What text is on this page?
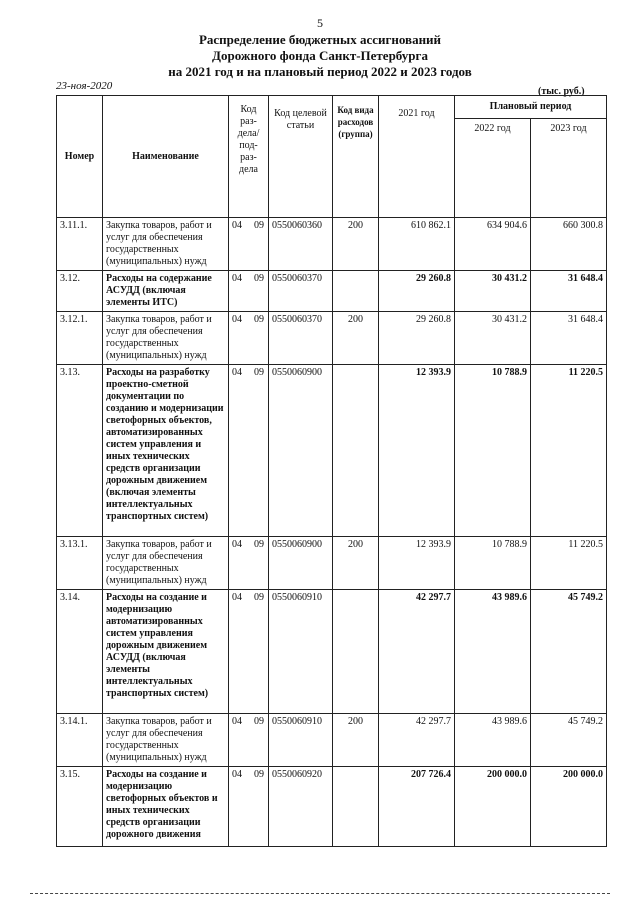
5
Распределение бюджетных ассигнований
Дорожного фонда Санкт-Петербурга
на 2021 год и на плановый период 2022 и 2023 годов
23-ноя-2020	(тыс. руб.)
Номер	Наименование	Код раз-дела/ под-раз-дела	Код целевой статьи	Код вида расходов (группа)	2021 год	Плановый период	
						2022 год	2023 год
3.11.1.	Закупка товаров, работ и услуг для обеспечения государственных (муниципальных) нужд	04 09	0550060360	200	610 862.1	634 904.6	660 300.8
3.12.	Расходы на содержание АСУДД (включая элементы ИТС)	04 09	0550060370		29 260.8	30 431.2	31 648.4
3.12.1.	Закупка товаров, работ и услуг для обеспечения государственных (муниципальных) нужд	04 09	0550060370	200	29 260.8	30 431.2	31 648.4
3.13.	Расходы на разработку проектно-сметной документации по созданию и модернизации светофорных объектов, автоматизированных систем управления и иных технических средств организации дорожным движением (включая элементы интеллектуальных транспортных систем)	04 09	0550060900		12 393.9	10 788.9	11 220.5
3.13.1.	Закупка товаров, работ и услуг для обеспечения государственных (муниципальных) нужд	04 09	0550060900	200	12 393.9	10 788.9	11 220.5
3.14.	Расходы на создание и модернизацию автоматизированных систем управления дорожным движением АСУДД (включая элементы интеллектуальных транспортных систем)	04 09	0550060910		42 297.7	43 989.6	45 749.2
3.14.1.	Закупка товаров, работ и услуг для обеспечения государственных (муниципальных) нужд	04 09	0550060910	200	42 297.7	43 989.6	45 749.2
3.15.	Расходы на создание и модернизацию светофорных объектов и иных технических средств организации дорожного движения	04 09	0550060920		207 726.4	200 000.0	200 000.0
